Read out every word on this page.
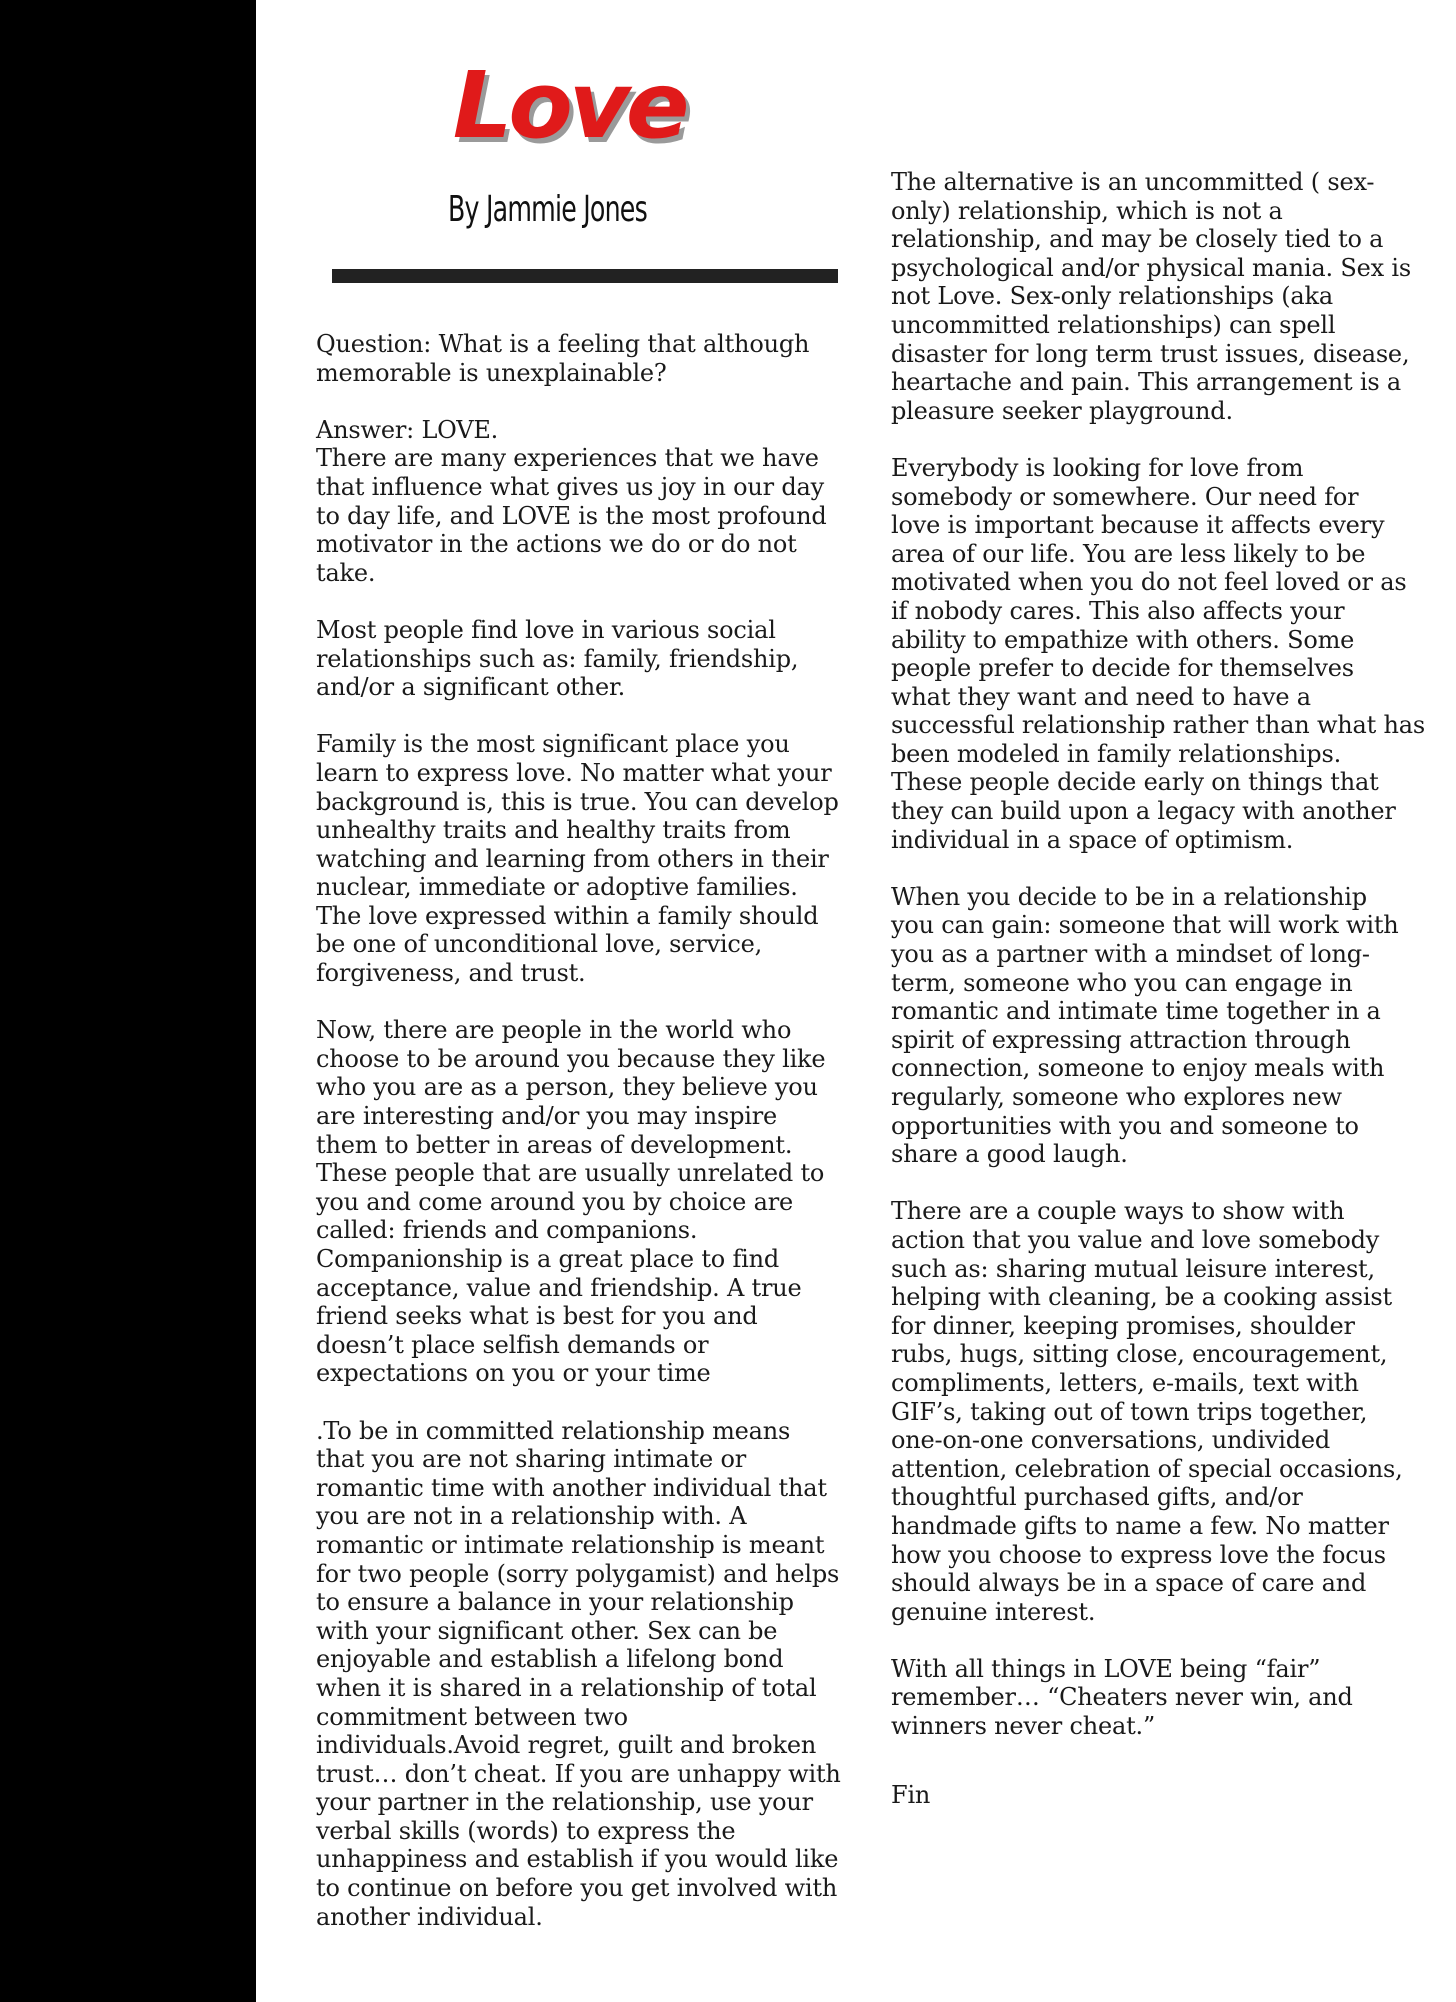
Love
By Jammie Jones

Question: What is a feeling that although
memorable is unexplainable?

Answer: LOVE.
There are many experiences that we have
that influence what gives us joy in our day
to day life, and LOVE is the most profound
motivator in the actions we do or do not
take.

Most people find love in various social
relationships such as: family, friendship,
and/or a significant other.

Family is the most significant place you
learn to express love. No matter what your
background is, this is true. You can develop
unhealthy traits and healthy traits from
watching and learning from others in their
nuclear, immediate or adoptive families.
The love expressed within a family should
be one of unconditional love, service,
forgiveness, and trust.

Now, there are people in the world who
choose to be around you because they like
who you are as a person, they believe you
are interesting and/or you may inspire
them to better in areas of development.
These people that are usually unrelated to
you and come around you by choice are
called: friends and companions.
Companionship is a great place to find
acceptance, value and friendship. A true
friend seeks what is best for you and
doesn’t place selfish demands or
expectations on you or your time

.To be in committed relationship means
that you are not sharing intimate or
romantic time with another individual that
you are not in a relationship with. A
romantic or intimate relationship is meant
for two people (sorry polygamist) and helps
to ensure a balance in your relationship
with your significant other. Sex can be
enjoyable and establish a lifelong bond
when it is shared in a relationship of total
commitment between two
individuals.Avoid regret, guilt and broken
trust… don’t cheat. If you are unhappy with
your partner in the relationship, use your
verbal skills (words) to express the
unhappiness and establish if you would like
to continue on before you get involved with
another individual.

The alternative is an uncommitted ( sex-
only) relationship, which is not a
relationship, and may be closely tied to a
psychological and/or physical mania. Sex is
not Love. Sex-only relationships (aka
uncommitted relationships) can spell
disaster for long term trust issues, disease,
heartache and pain. This arrangement is a
pleasure seeker playground.

Everybody is looking for love from
somebody or somewhere. Our need for
love is important because it affects every
area of our life. You are less likely to be
motivated when you do not feel loved or as
if nobody cares. This also affects your
ability to empathize with others. Some
people prefer to decide for themselves
what they want and need to have a
successful relationship rather than what has
been modeled in family relationships.
These people decide early on things that
they can build upon a legacy with another
individual in a space of optimism.

When you decide to be in a relationship
you can gain: someone that will work with
you as a partner with a mindset of long-
term, someone who you can engage in
romantic and intimate time together in a
spirit of expressing attraction through
connection, someone to enjoy meals with
regularly, someone who explores new
opportunities with you and someone to
share a good laugh.

There are a couple ways to show with
action that you value and love somebody
such as: sharing mutual leisure interest,
helping with cleaning, be a cooking assist
for dinner, keeping promises, shoulder
rubs, hugs, sitting close, encouragement,
compliments, letters, e-mails, text with
GIF’s, taking out of town trips together,
one-on-one conversations, undivided
attention, celebration of special occasions,
thoughtful purchased gifts, and/or
handmade gifts to name a few. No matter
how you choose to express love the focus
should always be in a space of care and
genuine interest.

With all things in LOVE being “fair”
remember… “Cheaters never win, and
winners never cheat.”

Fin
